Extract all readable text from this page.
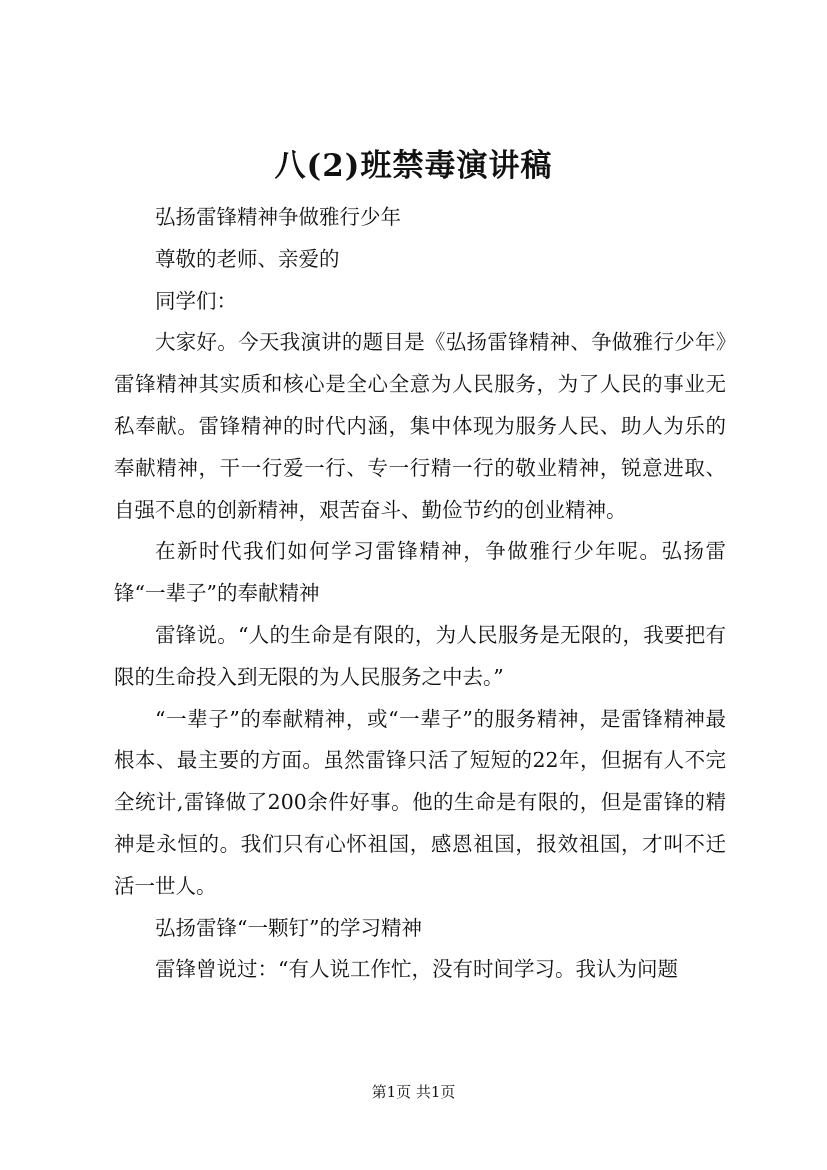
八(2)班禁毒演讲稿

弘扬雷锋精神争做雅行少年

尊敬的老师、亲爱的

同学们：

大家好。今天我演讲的题目是《弘扬雷锋精神、争做雅行少年》雷锋精神其实质和核心是全心全意为人民服务，为了人民的事业无私奉献。雷锋精神的时代内涵，集中体现为服务人民、助人为乐的奉献精神，干一行爱一行、专一行精一行的敬业精神，锐意进取、自强不息的创新精神，艰苦奋斗、勤俭节约的创业精神。

在新时代我们如何学习雷锋精神，争做雅行少年呢。弘扬雷锋“一辈子”的奉献精神

雷锋说。“人的生命是有限的，为人民服务是无限的，我要把有限的生命投入到无限的为人民服务之中去。”

“一辈子”的奉献精神，或“一辈子”的服务精神，是雷锋精神最根本、最主要的方面。虽然雷锋只活了短短的22年，但据有人不完全统计,雷锋做了200余件好事。他的生命是有限的，但是雷锋的精神是永恒的。我们只有心怀祖国，感恩祖国，报效祖国，才叫不迁活一世人。

弘扬雷锋“一颗钉”的学习精神

雷锋曾说过：“有人说工作忙，没有时间学习。我认为问题

第1页 共1页
